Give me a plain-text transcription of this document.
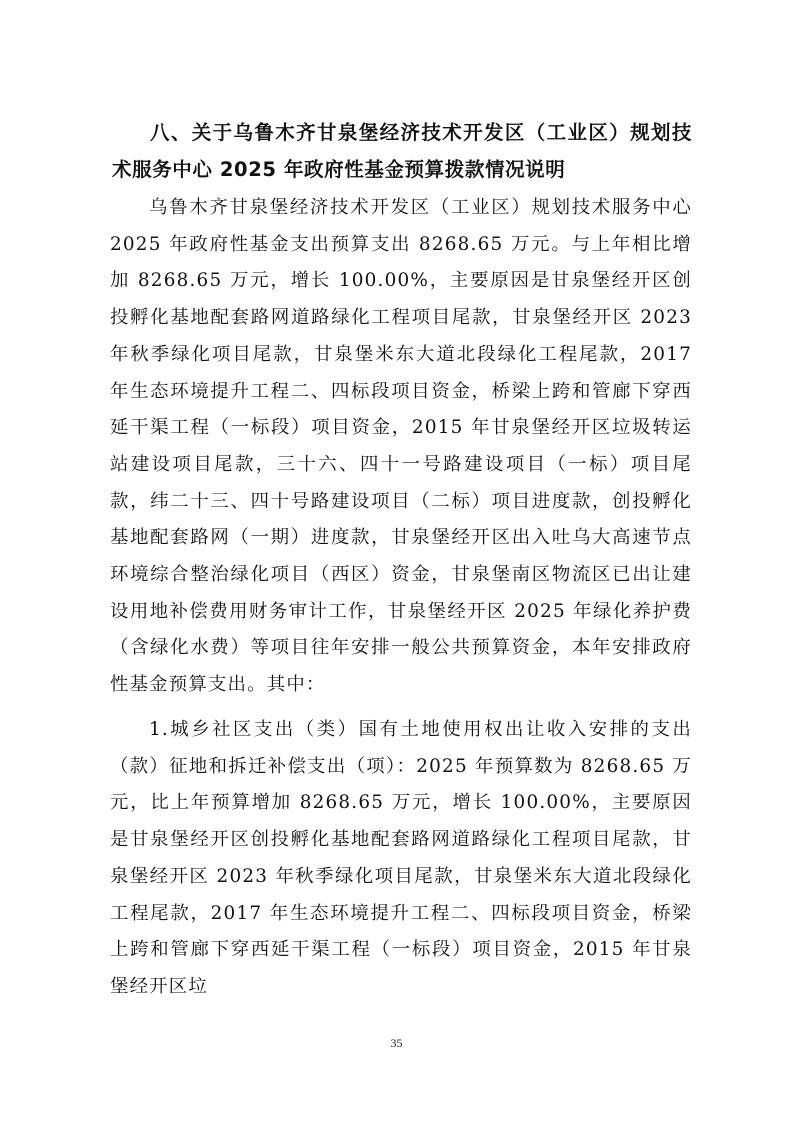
八、关于乌鲁木齐甘泉堡经济技术开发区（工业区）规划技术服务中心 2025 年政府性基金预算拨款情况说明

乌鲁木齐甘泉堡经济技术开发区（工业区）规划技术服务中心 2025 年政府性基金支出预算支出 8268.65 万元。与上年相比增加 8268.65 万元，增长 100.00%，主要原因是甘泉堡经开区创投孵化基地配套路网道路绿化工程项目尾款，甘泉堡经开区 2023 年秋季绿化项目尾款，甘泉堡米东大道北段绿化工程尾款，2017 年生态环境提升工程二、四标段项目资金，桥梁上跨和管廊下穿西延干渠工程（一标段）项目资金，2015 年甘泉堡经开区垃圾转运站建设项目尾款，三十六、四十一号路建设项目（一标）项目尾款，纬二十三、四十号路建设项目（二标）项目进度款，创投孵化基地配套路网（一期）进度款，甘泉堡经开区出入吐乌大高速节点环境综合整治绿化项目（西区）资金，甘泉堡南区物流区已出让建设用地补偿费用财务审计工作，甘泉堡经开区 2025 年绿化养护费（含绿化水费）等项目往年安排一般公共预算资金，本年安排政府性基金预算支出。其中：

1.城乡社区支出（类）国有土地使用权出让收入安排的支出（款）征地和拆迁补偿支出（项）：2025 年预算数为 8268.65 万元，比上年预算增加 8268.65 万元，增长 100.00%，主要原因是甘泉堡经开区创投孵化基地配套路网道路绿化工程项目尾款，甘泉堡经开区 2023 年秋季绿化项目尾款，甘泉堡米东大道北段绿化工程尾款，2017 年生态环境提升工程二、四标段项目资金，桥梁上跨和管廊下穿西延干渠工程（一标段）项目资金，2015 年甘泉堡经开区垃

35
